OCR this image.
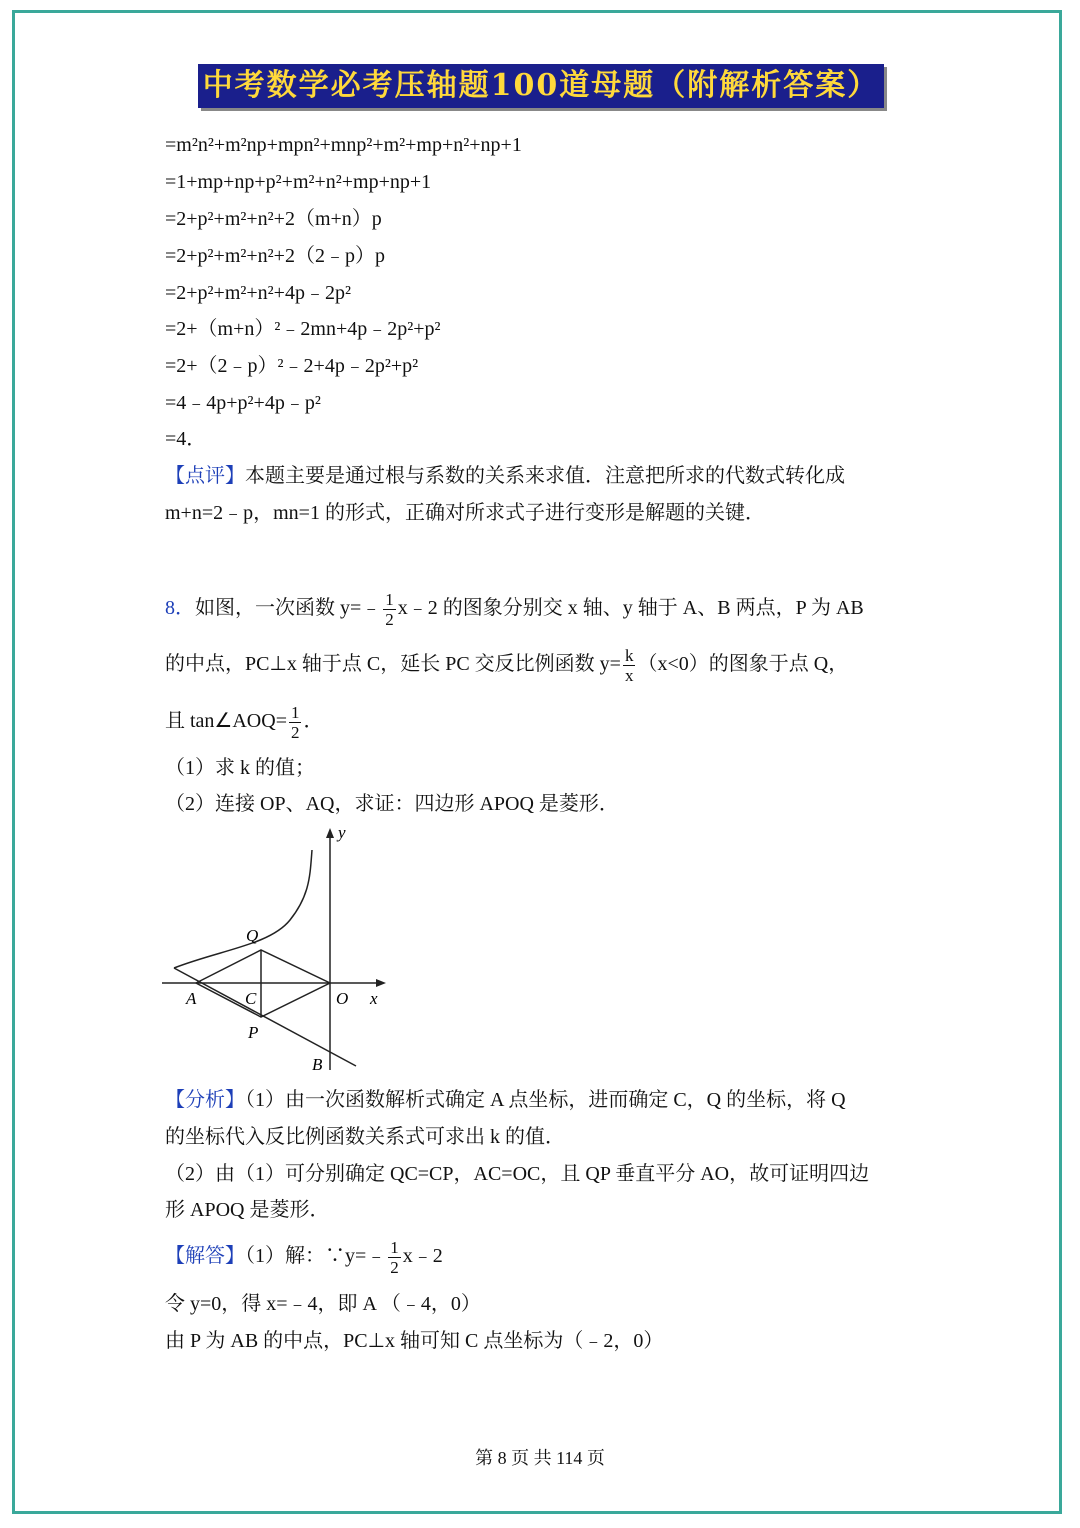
中考数学必考压轴题100道母题（附解析答案）
=m²n²+m²np+mpn²+mnp²+m²+mp+n²+np+1
=1+mp+np+p²+m²+n²+mp+np+1
=2+p²+m²+n²+2（m+n）p
=2+p²+m²+n²+2（2﹣p）p
=2+p²+m²+n²+4p﹣2p²
=2+（m+n）²﹣2mn+4p﹣2p²+p²
=2+（2﹣p）²﹣2+4p﹣2p²+p²
=4﹣4p+p²+4p﹣p²
=4．
【点评】本题主要是通过根与系数的关系来求值．注意把所求的代数式转化成
m+n=2﹣p，mn=1 的形式，正确对所求式子进行变形是解题的关键．
8．如图，一次函数 y=﹣ $\frac{1}{2}$ x﹣2 的图象分别交 x 轴、y 轴于 A、B 两点，P 为 AB
的中点，PC⊥x 轴于点 C，延长 PC 交反比例函数 $y= \frac{k}{x} (x<0)$的图象于点 Q，
且 tan∠AOQ= $\frac{1}{2}$ ．
（1）求 k 的值；
（2）连接 OP、AQ，求证：四边形 APOQ 是菱形．
Q
A	C	O x
y
P
B
【分析】（1）由一次函数解析式确定 A 点坐标，进而确定 C，Q 的坐标，将 Q
的坐标代入反比例函数关系式可求出 k 的值．
（2）由（1）可分别确定 QC=CP，AC=OC，且 QP 垂直平分 AO，故可证明四边
形 APOQ 是菱形．
【解答】（1）解：∵y=﹣ $\frac{1}{2}$ x﹣2
令 y=0，得 x=﹣4，即 A （﹣4，0）
由 P 为 AB 的中点，PC⊥x 轴可知 C 点坐标为（﹣2，0）
第 8 页 共 114 页
